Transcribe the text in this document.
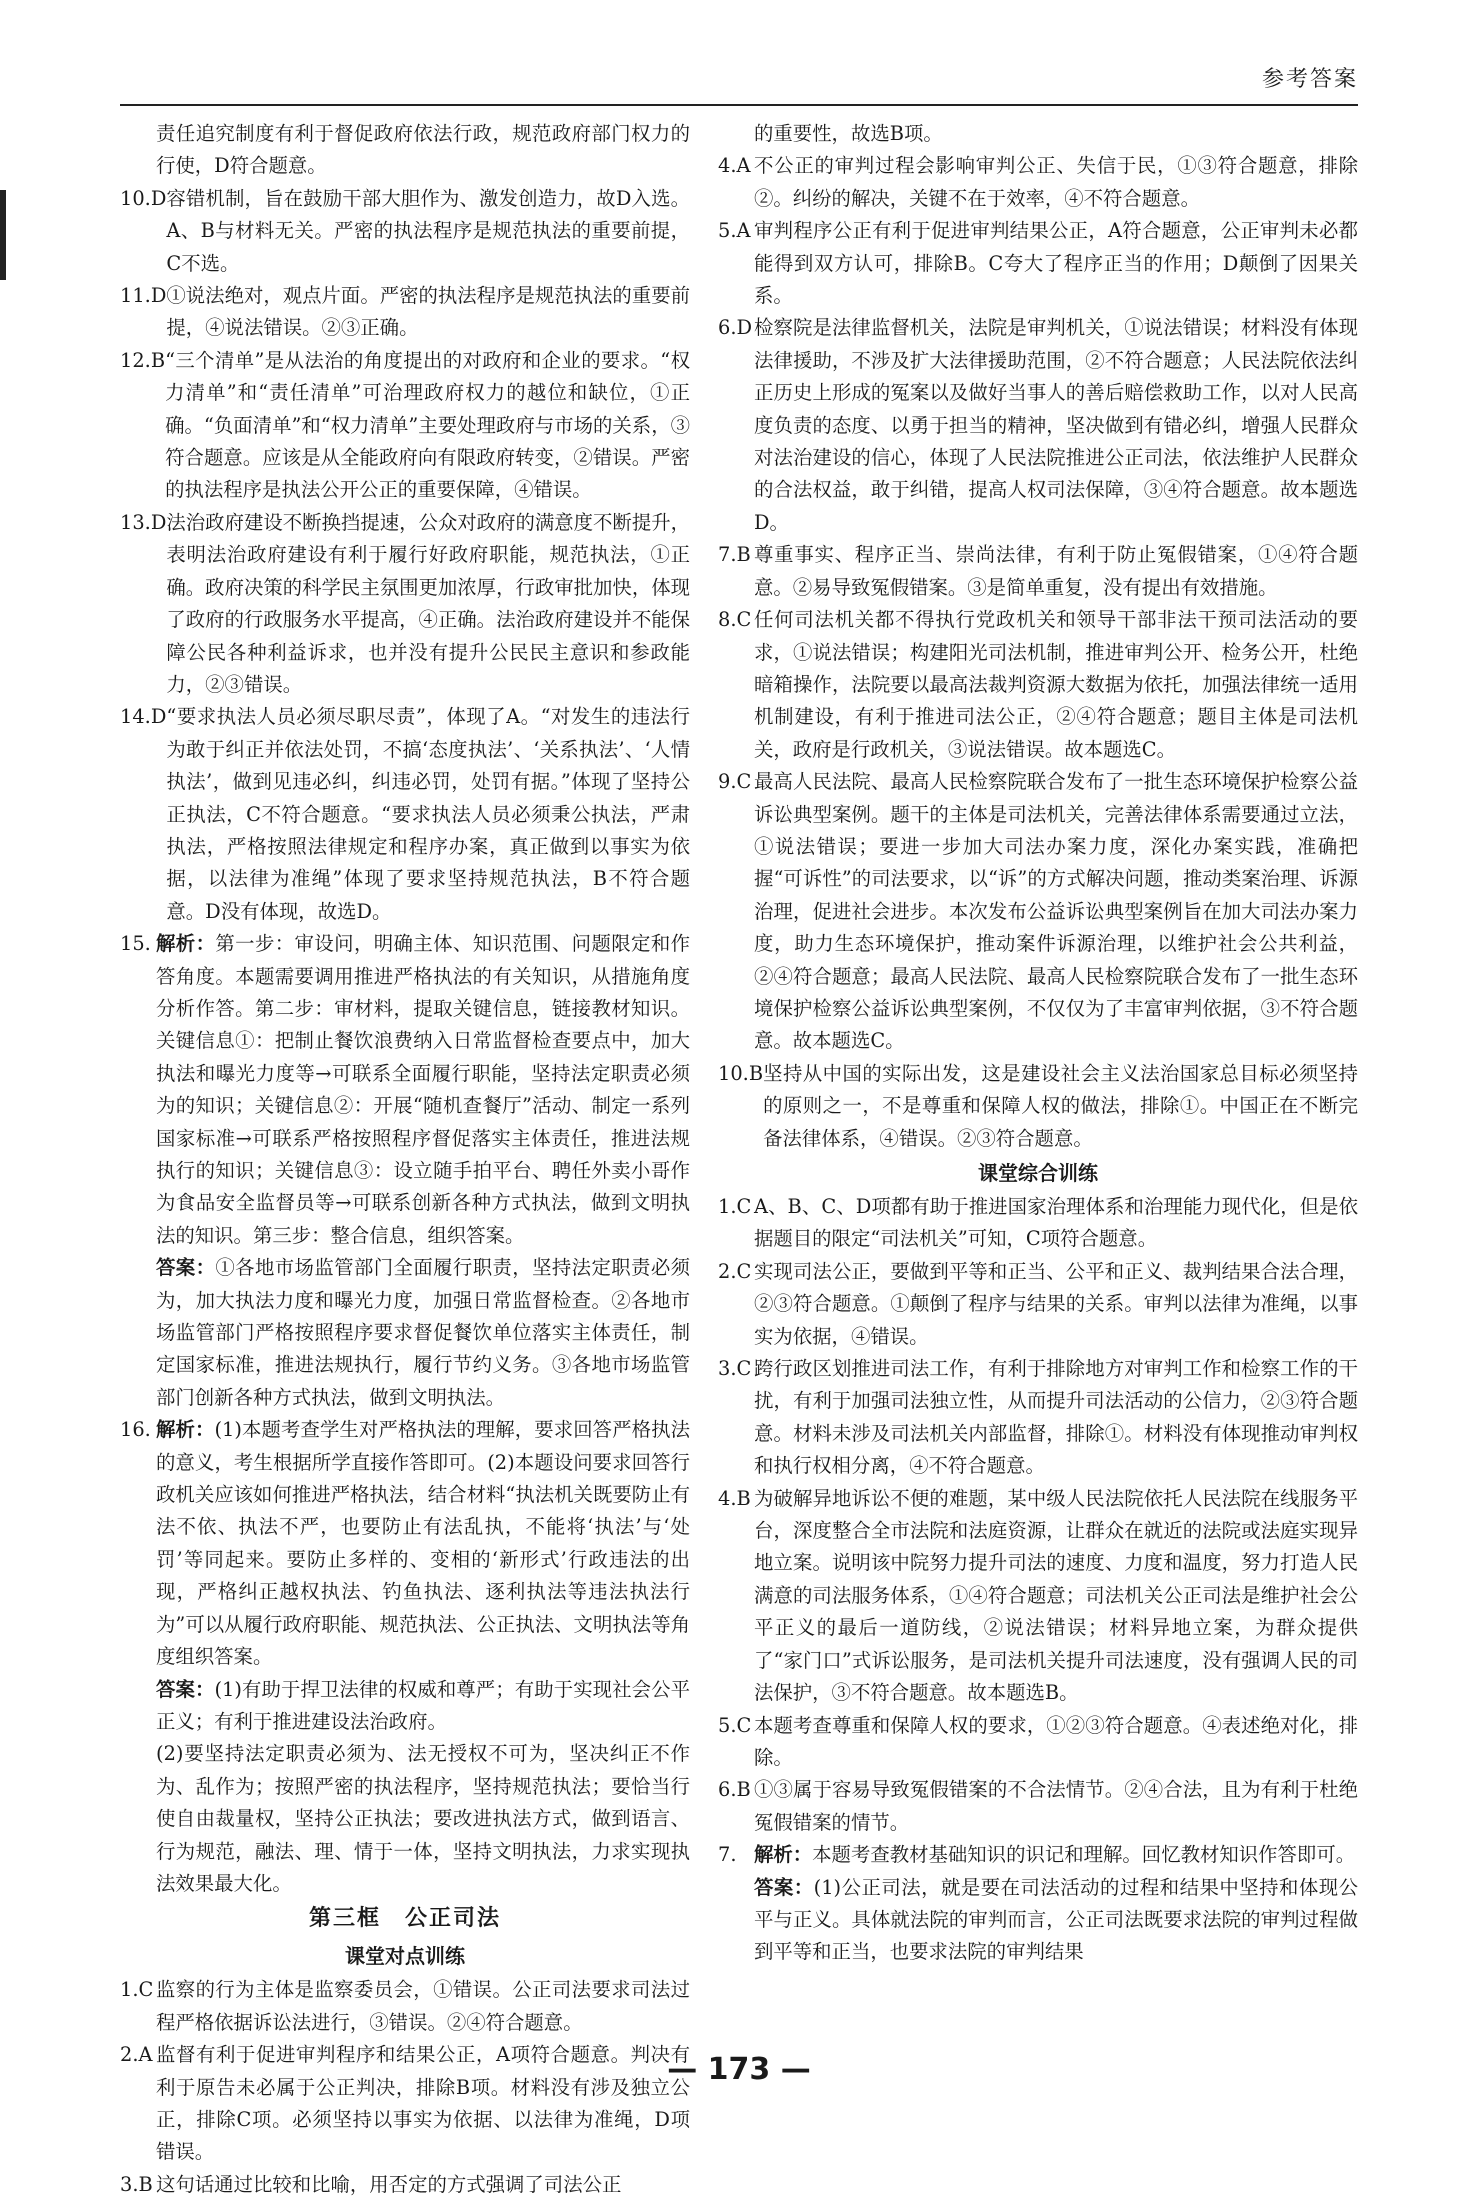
参考答案
责任追究制度有利于督促政府依法行政，规范政府部门权力的行使，D符合题意。
10.D 容错机制，旨在鼓励干部大胆作为、激发创造力，故D入选。A、B与材料无关。严密的执法程序是规范执法的重要前提，C不选。
11.D ①说法绝对，观点片面。严密的执法程序是规范执法的重要前提，④说法错误。②③正确。
12.B “三个清单”是从法治的角度提出的对政府和企业的要求。“权力清单”和“责任清单”可治理政府权力的越位和缺位，①正确。“负面清单”和“权力清单”主要处理政府与市场的关系，③符合题意。应该是从全能政府向有限政府转变，②错误。严密的执法程序是执法公开公正的重要保障，④错误。
13.D 法治政府建设不断换挡提速，公众对政府的满意度不断提升，表明法治政府建设有利于履行好政府职能，规范执法，①正确。政府决策的科学民主氛围更加浓厚，行政审批加快，体现了政府的行政服务水平提高，④正确。法治政府建设并不能保障公民各种利益诉求，也并没有提升公民民主意识和参政能力，②③错误。
14.D “要求执法人员必须尽职尽责”，体现了A。“对发生的违法行为敢于纠正并依法处罚，不搞‘态度执法’、‘关系执法’、‘人情执法’，做到见违必纠，纠违必罚，处罚有据。”体现了坚持公正执法，C不符合题意。“要求执法人员必须秉公执法，严肃执法，严格按照法律规定和程序办案，真正做到以事实为依据，以法律为准绳”体现了要求坚持规范执法，B不符合题意。D没有体现，故选D。
15. 解析：第一步：审设问，明确主体、知识范围、问题限定和作答角度。本题需要调用推进严格执法的有关知识，从措施角度分析作答。第二步：审材料，提取关键信息，链接教材知识。关键信息①：把制止餐饮浪费纳入日常监督检查要点中，加大执法和曝光力度等→可联系全面履行职能，坚持法定职责必须为的知识；关键信息②：开展“随机查餐厅”活动、制定一系列国家标准→可联系严格按照程序督促落实主体责任，推进法规执行的知识；关键信息③：设立随手拍平台、聘任外卖小哥作为食品安全监督员等→可联系创新各种方式执法，做到文明执法的知识。第三步：整合信息，组织答案。
答案：①各地市场监管部门全面履行职责，坚持法定职责必须为，加大执法力度和曝光力度，加强日常监督检查。②各地市场监管部门严格按照程序要求督促餐饮单位落实主体责任，制定国家标准，推进法规执行，履行节约义务。③各地市场监管部门创新各种方式执法，做到文明执法。
16. 解析：(1)本题考查学生对严格执法的理解，要求回答严格执法的意义，考生根据所学直接作答即可。(2)本题设问要求回答行政机关应该如何推进严格执法，结合材料“执法机关既要防止有法不依、执法不严，也要防止有法乱执，不能将‘执法’与‘处罚’等同起来。要防止多样的、变相的‘新形式’行政违法的出现，严格纠正越权执法、钓鱼执法、逐利执法等违法执法行为”可以从履行政府职能、规范执法、公正执法、文明执法等角度组织答案。
答案：(1)有助于捍卫法律的权威和尊严；有助于实现社会公平正义；有利于推进建设法治政府。
(2)要坚持法定职责必须为、法无授权不可为，坚决纠正不作为、乱作为；按照严密的执法程序，坚持规范执法；要恰当行使自由裁量权，坚持公正执法；要改进执法方式，做到语言、行为规范，融法、理、情于一体，坚持文明执法，力求实现执法效果最大化。
第三框　公正司法
课堂对点训练
1.C 监察的行为主体是监察委员会，①错误。公正司法要求司法过程严格依据诉讼法进行，③错误。②④符合题意。
2.A 监督有利于促进审判程序和结果公正，A项符合题意。判决有利于原告未必属于公正判决，排除B项。材料没有涉及独立公正，排除C项。必须坚持以事实为依据、以法律为准绳，D项错误。
3.B 这句话通过比较和比喻，用否定的方式强调了司法公正
的重要性，故选B项。
4.A 不公正的审判过程会影响审判公正、失信于民，①③符合题意，排除②。纠纷的解决，关键不在于效率，④不符合题意。
5.A 审判程序公正有利于促进审判结果公正，A符合题意，公正审判未必都能得到双方认可，排除B。C夸大了程序正当的作用；D颠倒了因果关系。
6.D 检察院是法律监督机关，法院是审判机关，①说法错误；材料没有体现法律援助，不涉及扩大法律援助范围，②不符合题意；人民法院依法纠正历史上形成的冤案以及做好当事人的善后赔偿救助工作，以对人民高度负责的态度、以勇于担当的精神，坚决做到有错必纠，增强人民群众对法治建设的信心，体现了人民法院推进公正司法，依法维护人民群众的合法权益，敢于纠错，提高人权司法保障，③④符合题意。故本题选D。
7.B 尊重事实、程序正当、崇尚法律，有利于防止冤假错案，①④符合题意。②易导致冤假错案。③是简单重复，没有提出有效措施。
8.C 任何司法机关都不得执行党政机关和领导干部非法干预司法活动的要求，①说法错误；构建阳光司法机制，推进审判公开、检务公开，杜绝暗箱操作，法院要以最高法裁判资源大数据为依托，加强法律统一适用机制建设，有利于推进司法公正，②④符合题意；题目主体是司法机关，政府是行政机关，③说法错误。故本题选C。
9.C 最高人民法院、最高人民检察院联合发布了一批生态环境保护检察公益诉讼典型案例。题干的主体是司法机关，完善法律体系需要通过立法，①说法错误；要进一步加大司法办案力度，深化办案实践，准确把握“可诉性”的司法要求，以“诉”的方式解决问题，推动类案治理、诉源治理，促进社会进步。本次发布公益诉讼典型案例旨在加大司法办案力度，助力生态环境保护，推动案件诉源治理，以维护社会公共利益，②④符合题意；最高人民法院、最高人民检察院联合发布了一批生态环境保护检察公益诉讼典型案例，不仅仅为了丰富审判依据，③不符合题意。故本题选C。
10.B 坚持从中国的实际出发，这是建设社会主义法治国家总目标必须坚持的原则之一，不是尊重和保障人权的做法，排除①。中国正在不断完备法律体系，④错误。②③符合题意。
课堂综合训练
1.C A、B、C、D项都有助于推进国家治理体系和治理能力现代化，但是依据题目的限定“司法机关”可知，C项符合题意。
2.C 实现司法公正，要做到平等和正当、公平和正义、裁判结果合法合理，②③符合题意。①颠倒了程序与结果的关系。审判以法律为准绳，以事实为依据，④错误。
3.C 跨行政区划推进司法工作，有利于排除地方对审判工作和检察工作的干扰，有利于加强司法独立性，从而提升司法活动的公信力，②③符合题意。材料未涉及司法机关内部监督，排除①。材料没有体现推动审判权和执行权相分离，④不符合题意。
4.B 为破解异地诉讼不便的难题，某中级人民法院依托人民法院在线服务平台，深度整合全市法院和法庭资源，让群众在就近的法院或法庭实现异地立案。说明该中院努力提升司法的速度、力度和温度，努力打造人民满意的司法服务体系，①④符合题意；司法机关公正司法是维护社会公平正义的最后一道防线，②说法错误；材料异地立案，为群众提供了“家门口”式诉讼服务，是司法机关提升司法速度，没有强调人民的司法保护，③不符合题意。故本题选B。
5.C 本题考查尊重和保障人权的要求，①②③符合题意。④表述绝对化，排除。
6.B ①③属于容易导致冤假错案的不合法情节。②④合法，且为有利于杜绝冤假错案的情节。
7. 解析：本题考查教材基础知识的识记和理解。回忆教材知识作答即可。
答案：(1)公正司法，就是要在司法活动的过程和结果中坚持和体现公平与正义。具体就法院的审判而言，公正司法既要求法院的审判过程做到平等和正当，也要求法院的审判结果
— 173 —
